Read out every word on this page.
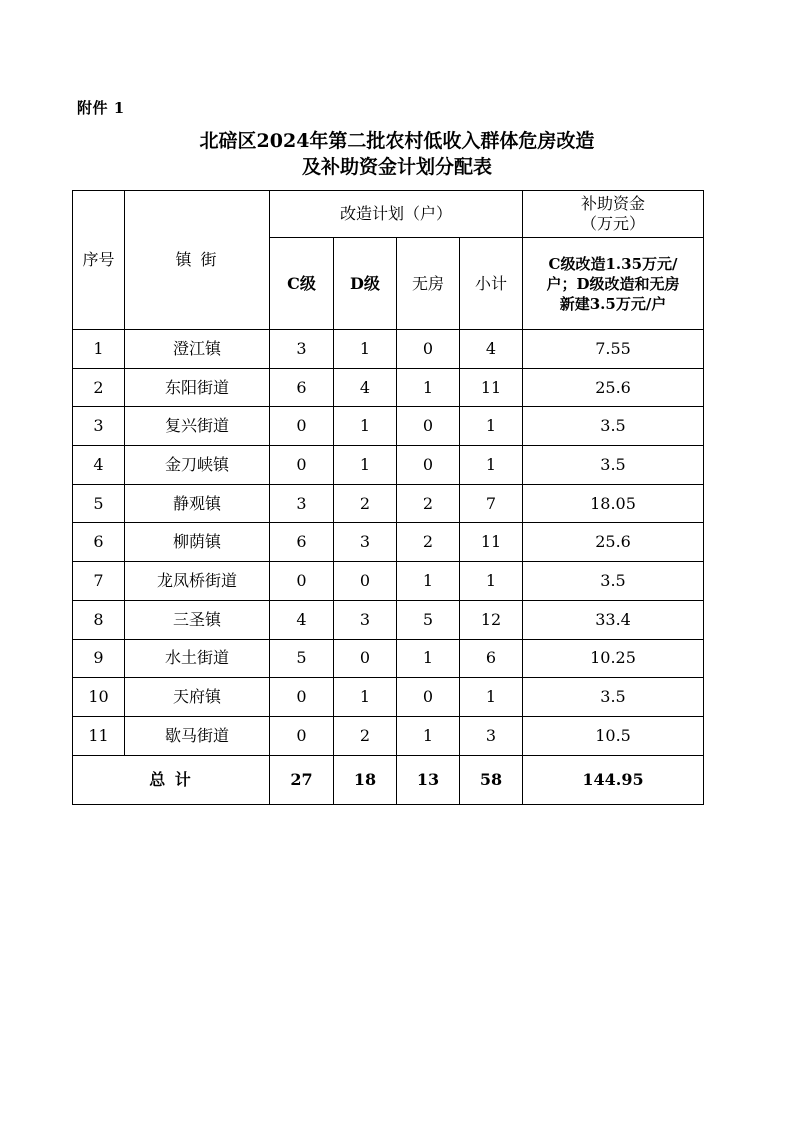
附件 1
北碚区2024年第二批农村低收入群体危房改造
及补助资金计划分配表
序号	镇 街	改造计划（户）				补助资金
（万元）

		C级	D级	无房	小计	C级改造1.35万元/
户；D级改造和无房
新建3.5万元/户

1	澄江镇	3	1	0	4	7.55
2	东阳街道	6	4	1	11	25.6
3	复兴街道	0	1	0	1	3.5
4	金刀峡镇	0	1	0	1	3.5
5	静观镇	3	2	2	7	18.05
6	柳荫镇	6	3	2	11	25.6
7	龙凤桥街道	0	0	1	1	3.5
8	三圣镇	4	3	5	12	33.4
9	水土街道	5	0	1	6	10.25
10	天府镇	0	1	0	1	3.5
11	歇马街道	0	2	1	3	10.5
总 计		27	18	13	58	144.95
